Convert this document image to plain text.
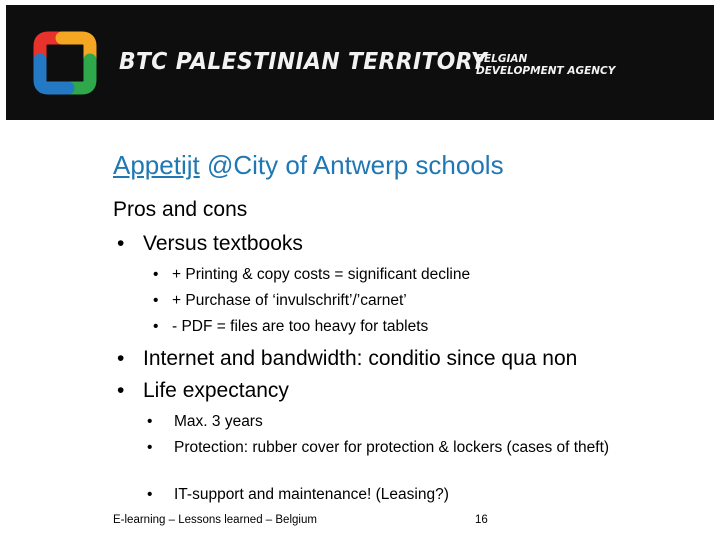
BTC PALESTINIAN TERRITORY
BELGIAN
DEVELOPMENT AGENCY
Appetijt @City of Antwerp schools
Pros and cons
• Versus textbooks
• + Printing & copy costs = significant decline
• + Purchase of ‘invulschrift’/’carnet’
• - PDF = files are too heavy for tablets
• Internet and bandwidth: conditio since qua non
• Life expectancy
• Max. 3 years
• Protection: rubber cover for protection & lockers (cases of theft)
• IT-support and maintenance! (Leasing?)
E-learning – Lessons learned – Belgium	16
